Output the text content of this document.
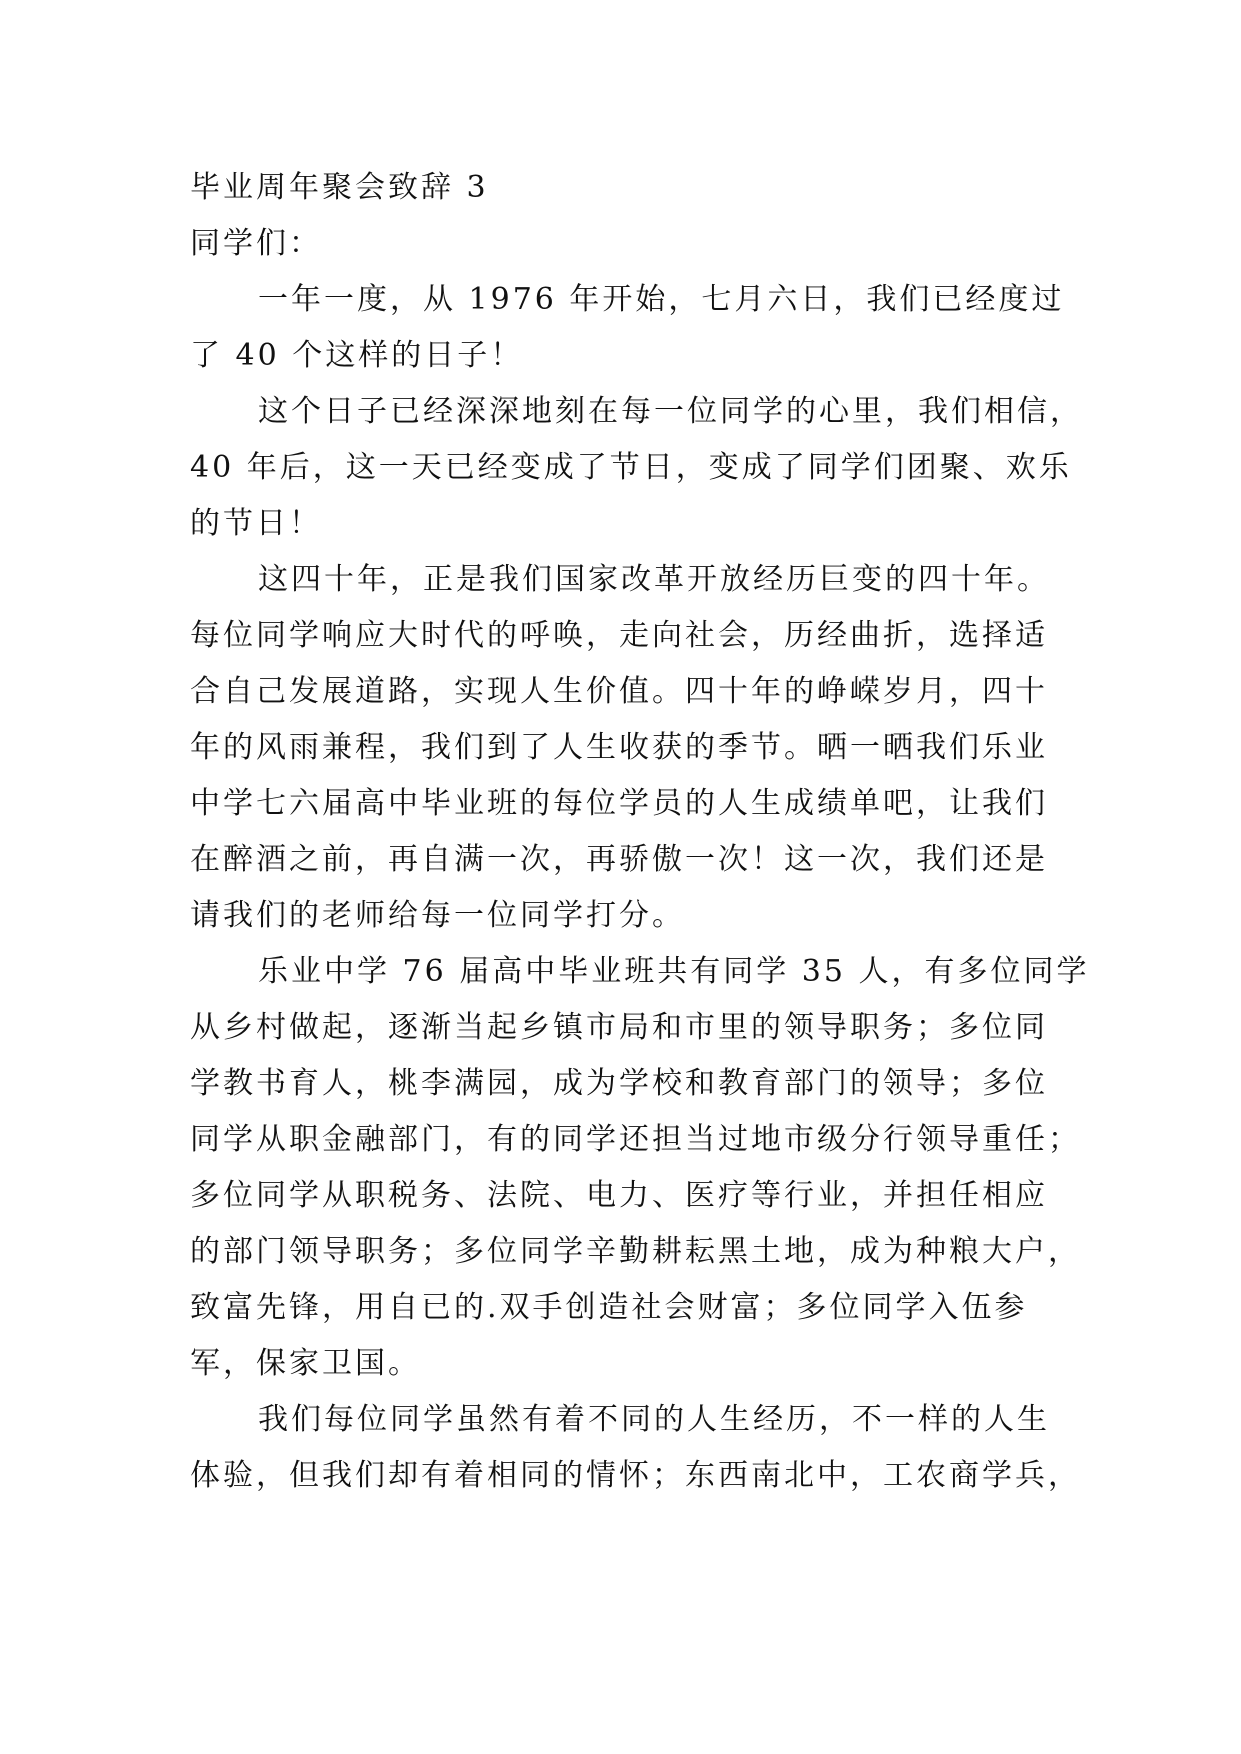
毕业周年聚会致辞 3
同学们：
一年一度，从 1976 年开始，七月六日，我们已经度过
了 40 个这样的日子！
这个日子已经深深地刻在每一位同学的心里，我们相信，
40 年后，这一天已经变成了节日，变成了同学们团聚、欢乐
的节日！
这四十年，正是我们国家改革开放经历巨变的四十年。
每位同学响应大时代的呼唤，走向社会，历经曲折，选择适
合自己发展道路，实现人生价值。四十年的峥嵘岁月，四十
年的风雨兼程，我们到了人生收获的季节。晒一晒我们乐业
中学七六届高中毕业班的每位学员的人生成绩单吧，让我们
在醉酒之前，再自满一次，再骄傲一次！这一次，我们还是
请我们的老师给每一位同学打分。
乐业中学 76 届高中毕业班共有同学 35 人，有多位同学
从乡村做起，逐渐当起乡镇市局和市里的领导职务；多位同
学教书育人，桃李满园，成为学校和教育部门的领导；多位
同学从职金融部门，有的同学还担当过地市级分行领导重任；
多位同学从职税务、法院、电力、医疗等行业，并担任相应
的部门领导职务；多位同学辛勤耕耘黑土地，成为种粮大户，
致富先锋，用自已的.双手创造社会财富；多位同学入伍参
军，保家卫国。
我们每位同学虽然有着不同的人生经历，不一样的人生
体验，但我们却有着相同的情怀；东西南北中，工农商学兵，
